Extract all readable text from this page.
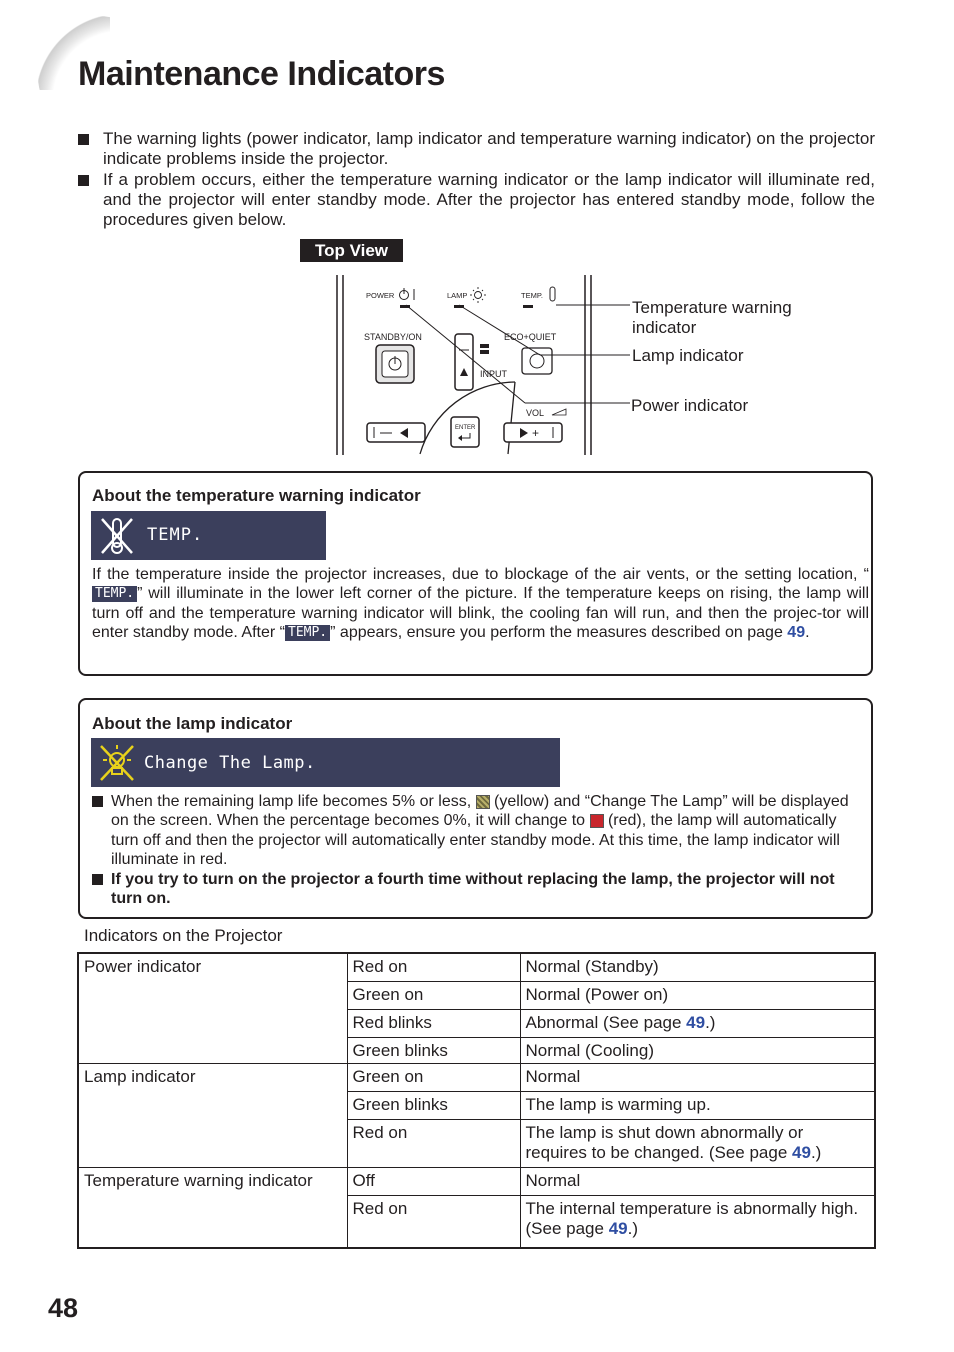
Maintenance Indicators
The warning lights (power indicator, lamp indicator and temperature warning indicator) on the projector indicate problems inside the projector.
If a problem occurs, either the temperature warning indicator or the lamp indicator will illuminate red, and the projector will enter standby mode. After the projector has entered standby mode, follow the procedures given below.
Top View
POWER	LAMP	TEMP.
STANDBY/ON	ECO+QUIET
INPUT
VOL
+
ENTER
Temperature warning
indicator
Lamp indicator
Power indicator
About the temperature warning indicator
TEMP.
If the temperature inside the projector increases, due to blockage of the air vents, or the setting location, “TEMP. ” will illuminate in the lower left corner of the picture. If the temperature keeps on rising, the lamp will turn off and the temperature warning indicator will blink, the cooling fan will run, and then the projec-tor will enter standby mode. After “ TEMP. ” appears, ensure you perform the measures described on page 49.
About the lamp indicator
Change The Lamp.
When the remaining lamp life becomes 5% or less,  (yellow) and “Change The Lamp” will be displayed on the screen. When the percentage becomes 0%, it will change to  (red), the lamp will automatically turn off and then the projector will automatically enter standby mode. At this time, the lamp indicator will illuminate in red.
If you try to turn on the projector a fourth time without replacing the lamp, the projector will not turn on.
Indicators on the Projector
Power indicator	Red on	Normal (Standby)
	Green on	Normal (Power on)
	Red blinks	Abnormal (See page 49.)
	Green blinks	Normal (Cooling)
Lamp indicator	Green on	Normal
	Green blinks	The lamp is warming up.
	Red on	The lamp is shut down abnormally or requires to be changed. (See page 49.)
Temperature warning indicator	Off	Normal
	Red on	The internal temperature is abnormally high. (See page 49.)
48
